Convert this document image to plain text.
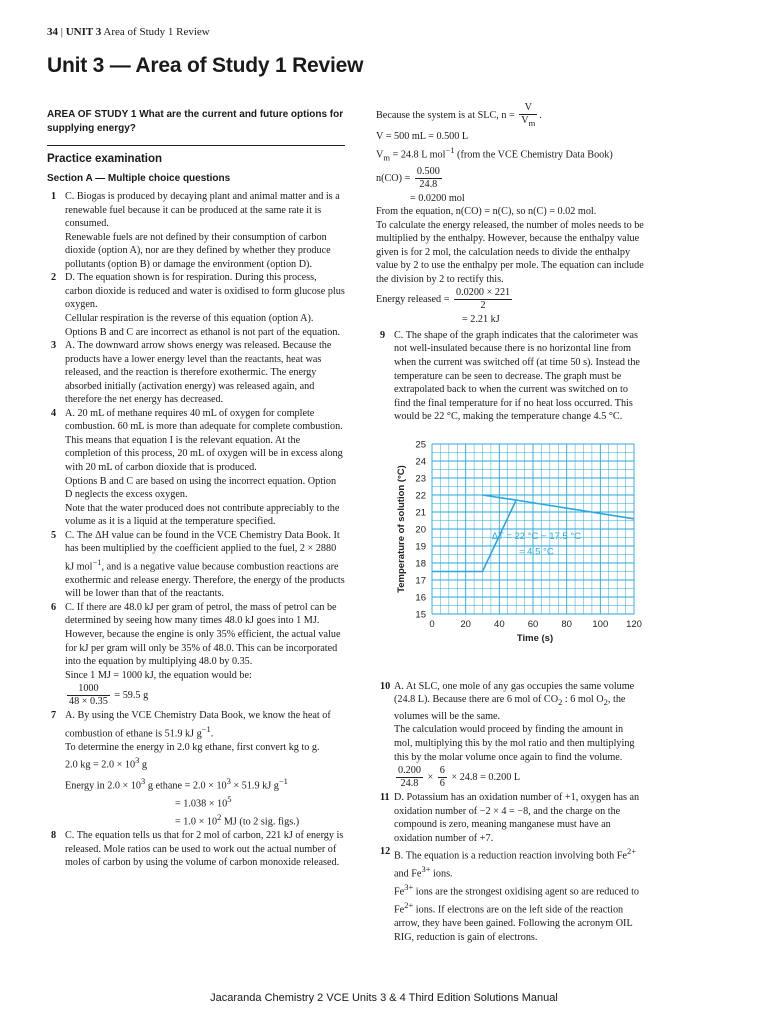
34 | UNIT 3 Area of Study 1 Review
Unit 3 — Area of Study 1 Review
AREA OF STUDY 1 What are the current and future options for supplying energy?
Practice examination
Section A — Multiple choice questions
1 C. Biogas is produced by decaying plant and animal matter and is a renewable fuel because it can be produced at the same rate it is consumed.

Renewable fuels are not defined by their consumption of carbon dioxide (option A), nor are they defined by whether they produce pollutants (option B) or damage the environment (option D).

2 D. The equation shown is for respiration. During this process, carbon dioxide is reduced and water is oxidised to form glucose plus oxygen.

Cellular respiration is the reverse of this equation (option A). Options B and C are incorrect as ethanol is not part of the equation.

3 A. The downward arrow shows energy was released. Because the products have a lower energy level than the reactants, heat was released, and the reaction is therefore exothermic. The energy absorbed initially (activation energy) was released again, and therefore the net energy has decreased.

4 A. 20 mL of methane requires 40 mL of oxygen for complete combustion. 60 mL is more than adequate for complete combustion. This means that equation I is the relevant equation. At the completion of this process, 20 mL of oxygen will be in excess along with 20 mL of carbon dioxide that is produced.

Options B and C are based on using the incorrect equation. Option D neglects the excess oxygen.

Note that the water produced does not contribute appreciably to the volume as it is a liquid at the temperature specified.

5 C. The ΔH value can be found in the VCE Chemistry Data Book. It has been multiplied by the coefficient applied to the fuel, 2 × 2880 kJ mol$^{-1}$, and is a negative value because combustion reactions are exothermic and release energy. Therefore, the energy of the products will be lower than that of the reactants.

6 C. If there are 48.0 kJ per gram of petrol, the mass of petrol can be determined by seeing how many times 48.0 kJ goes into 1 MJ. However, because the engine is only 35% efficient, the actual value for kJ per gram will only be 35% of 48.0. This can be incorporated into the equation by multiplying 48.0 by 0.35.

Since 1 MJ = 1000 kJ, the equation would be:

$\frac{1000}{48 \times 0.35} = 59.5$ g
7 A. By using the VCE Chemistry Data Book, we know the heat of combustion of ethane is 51.9 kJ $g^{-1}$.

To determine the energy in 2.0 kg ethane, first convert kg to g.

2.0 kg = $2.0 \times 10^3$ g

Energy in $2.0 \times 10^3$ g ethane = $2.0 \times 10^3 \times 51.9$ kJ $g^{-1}$

= $1.038 \times 10^5$

= $1.0 \times 10^2$ MJ (to 2 sig. figs.)

8 C. The equation tells us that for 2 mol of carbon, 221 kJ of energy is released. Mole ratios can be used to work out the actual number of moles of carbon by using the volume of carbon monoxide released.

Because the system is at SLC, $n = \frac{V}{V_m}$ .

V = 500 mL = 0.500 L

$V_m = 24.8$ L mol$^{-1}$ (from the VCE Chemistry Data Book)

$n(CO) = \frac{0.500}{24.8}$

= 0.0200 mol

From the equation, n(CO) = n(C), so n(C) = 0.02 mol.

To calculate the energy released, the number of moles needs to be multiplied by the enthalpy. However, because the enthalpy value given is for 2 mol, the calculation needs to divide the enthalpy value by 2 to use the enthalpy per mole. The equation can include the division by 2 to rectify this.

Energy released = $\frac{0.0200 \times 221}{2}$

= 2.21 kJ

9 C. The shape of the graph indicates that the calorimeter was not well-insulated because there is no horizontal line from when the current was switched off (at time 50 s). Instead the temperature can be seen to decrease. The graph must be extrapolated back to when the current was switched on to find the final temperature for if no heat loss occurred. This would be 22 °C, making the temperature change 4.5 °C.

0	20 40 60 80 100 120
15
16
17
18
19
20
21
22
23
24
25
Time (s)
Temperature of solution (°C)	ΔT = 22 °C − 17.5 °C
= 4.5 °C
10 A. At SLC, one mole of any gas occupies the same volume (24.8 L). Because there are 6 mol of $CO_2$ : 6 mol $O_2$, the volumes will be the same.

The calculation would proceed by finding the amount in mol, multiplying this by the mol ratio and then multiplying this by the molar volume once again to find the volume.

$\frac{0.200}{24.8} \times \frac{6}{6} \times 24.8 = 0.200$ L
11 D. Potassium has an oxidation number of +1, oxygen has an oxidation number of −2 × 4 = −8, and the charge on the compound is zero, meaning manganese must have an oxidation number of +7.

12 B. The equation is a reduction reaction involving both $Fe^{2+}$ and $Fe^{3+}$ ions.

$Fe^{3+}$ ions are the strongest oxidising agent so are reduced to $Fe^{2+}$ ions. If electrons are on the left side of the reaction arrow, they have been gained. Following the acronym OIL RIG, reduction is gain of electrons.

Jacaranda Chemistry 2 VCE Units 3 & 4 Third Edition Solutions Manual
